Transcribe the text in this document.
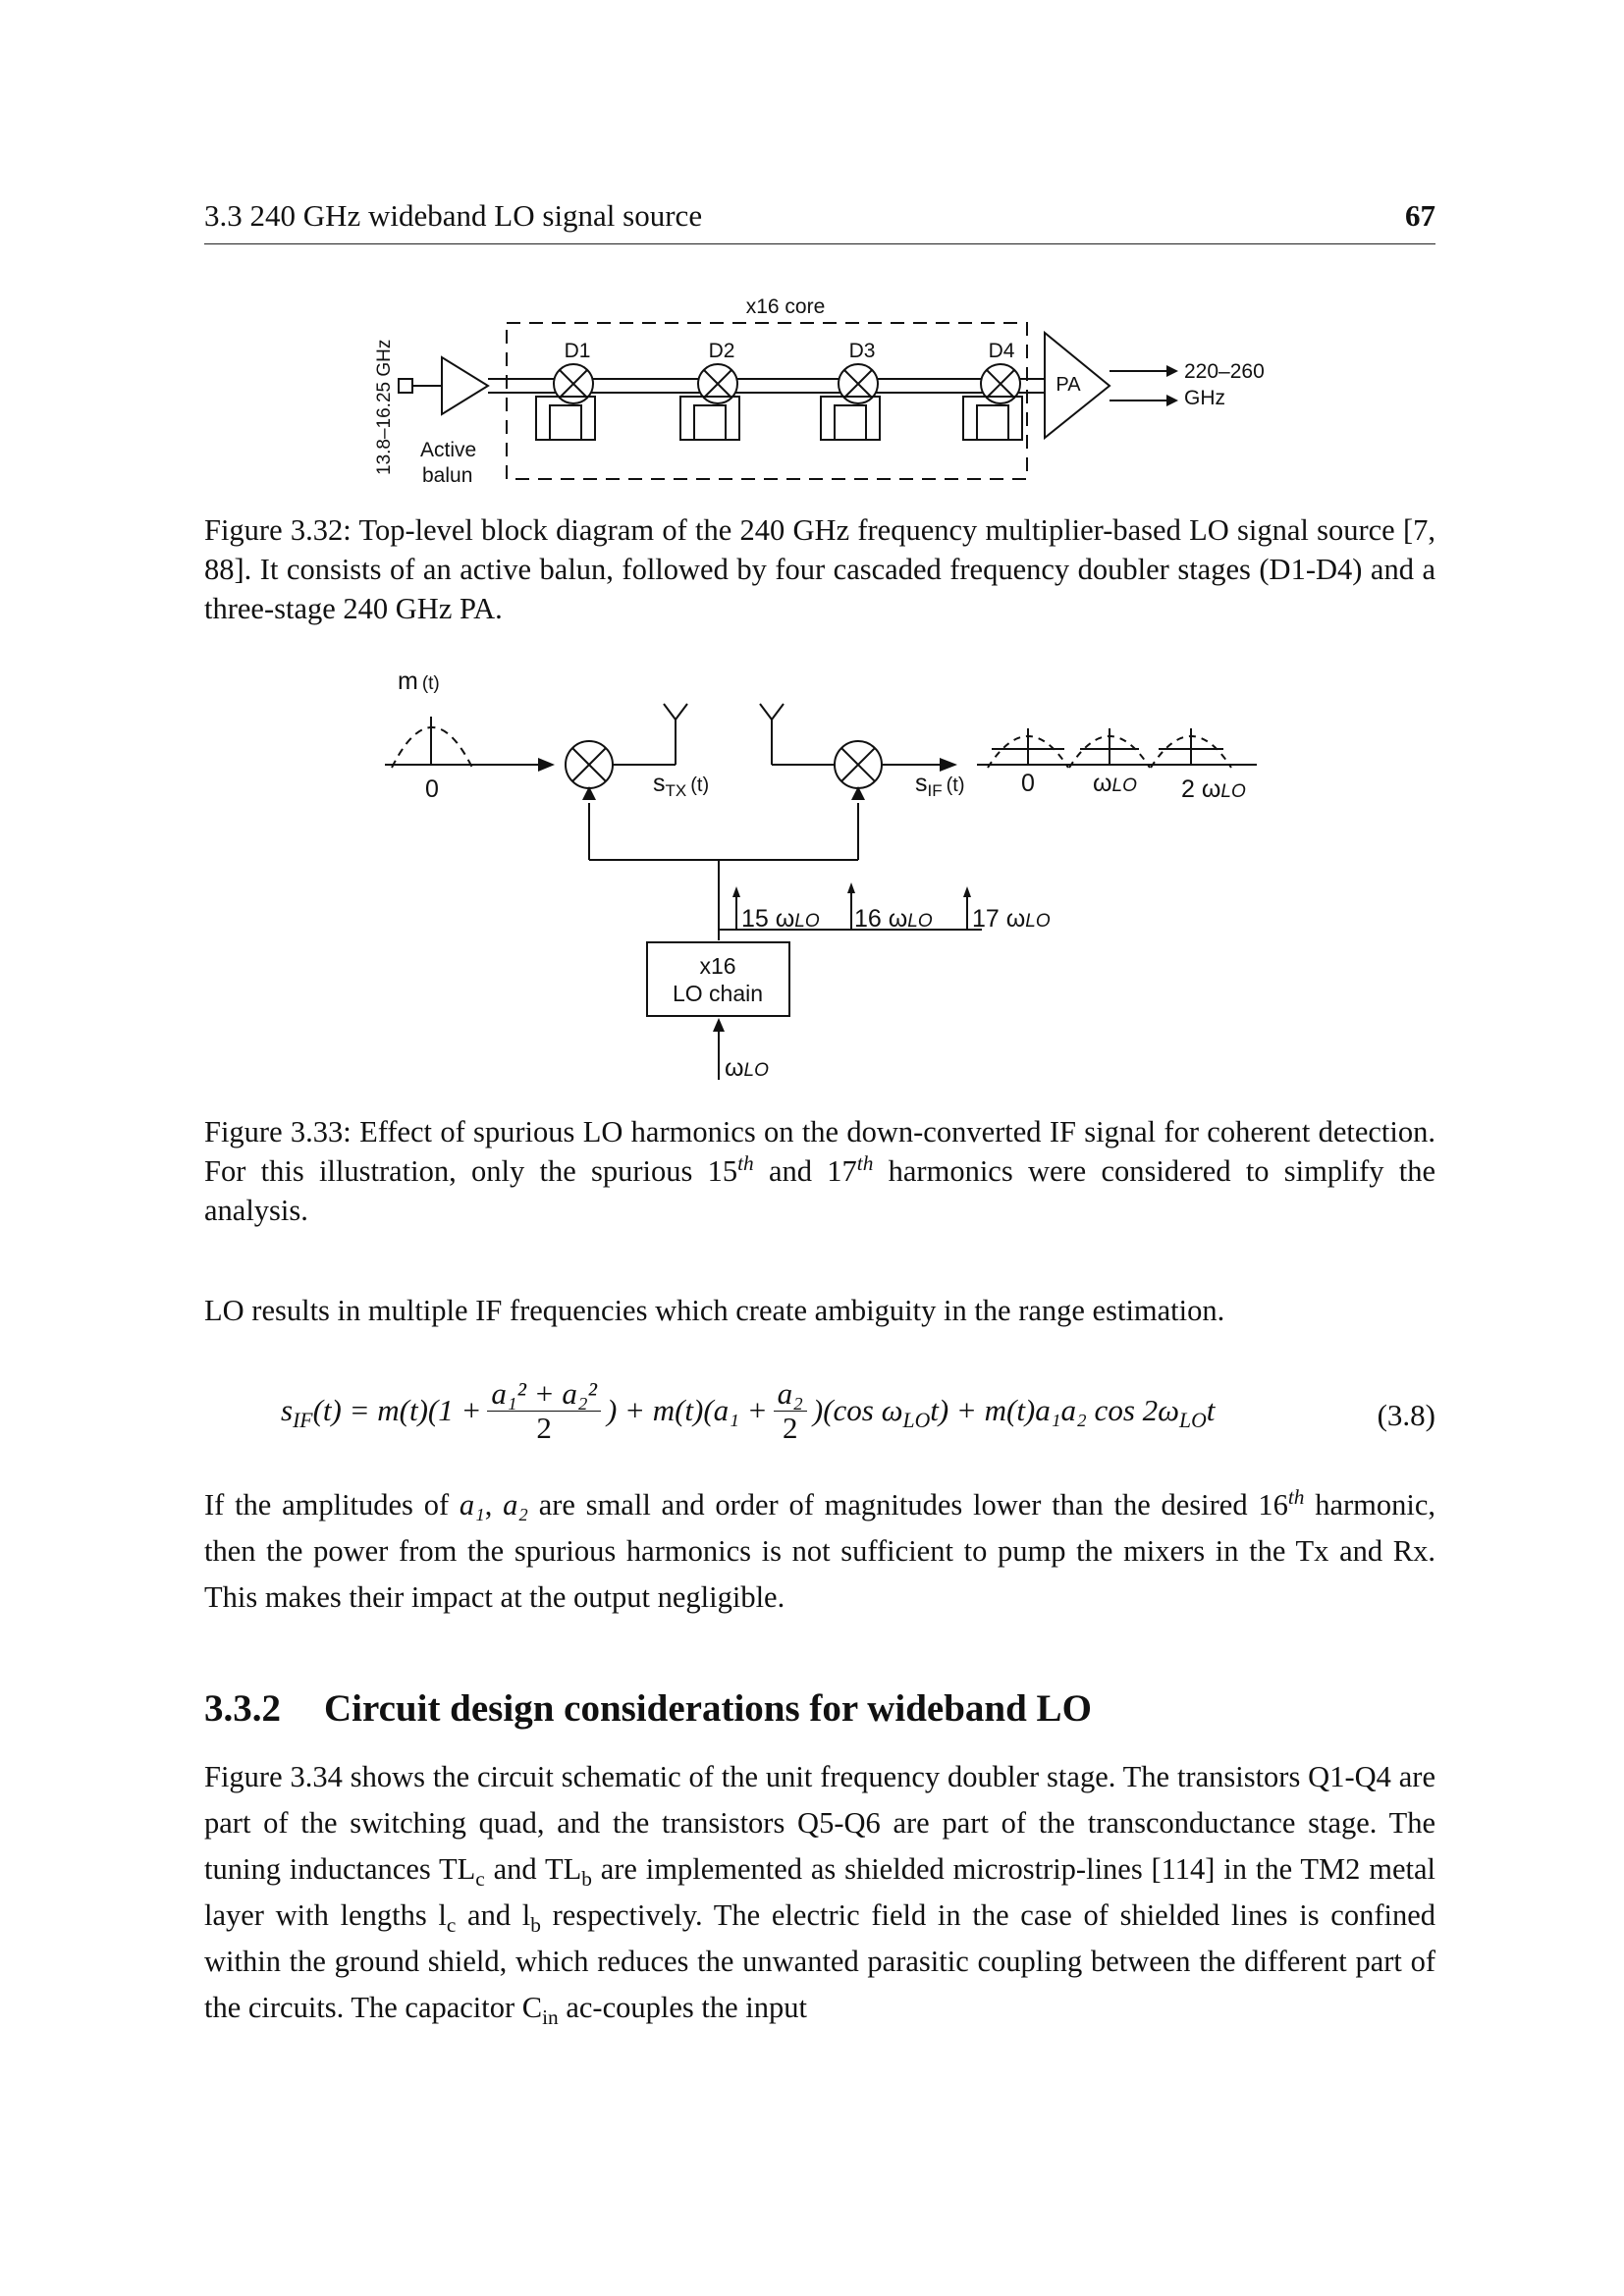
3.3 240 GHz wideband LO signal source	67
x16 core
13.8–16.25 GHz Active
balun
D1	D2	D3	D4
PA
220–260
GHz
Figure 3.32: Top-level block diagram of the 240 GHz frequency multiplier-based LO signal source [7, 88]. It consists of an active balun, followed by four cascaded frequency doubler stages (D1-D4) and a three-stage 240 GHz PA.
m (t)
0	$s_{TX}$ $^{(t)}$	$s_{IF}$ $^{(t)}$ 0 ωLO 2 ωLO
15 ωLO 16 ωLO 17 ωLO
x16
LO chain
ωLO
Figure 3.33: Effect of spurious LO harmonics on the down-converted IF signal for coherent detection. For this illustration, only the spurious 15th and 17th harmonics were considered to simplify the analysis.
LO results in multiple IF frequencies which create ambiguity in the range estimation.
$s_{IF}(t) = m(t)(1 + \frac{\text{a₁² + a₂²}}{2}$ ) + $m(t)(a_1 + \frac{\text{a₂}}{2} )(\cos$ $\omega_{LO}t) + m(t)a_1a_2$ $\cos 2\omega_{LO}t$	(3.8)
If the amplitudes of a₁, a₂ are small and order of magnitudes lower than the desired 16th harmonic, then the power from the spurious harmonics is not sufficient to pump the mixers in the Tx and Rx. This makes their impact at the output negligible.
3.3.2 Circuit design considerations for wideband LO
Figure 3.34 shows the circuit schematic of the unit frequency doubler stage. The transistors Q1-Q4 are part of the switching quad, and the transistors Q5-Q6 are part of the transconductance stage. The tuning inductances $TL_c$ and $TL_b$ are implemented as shielded microstrip-lines [114] in the TM2 metal layer with lengths $l_c$ and $l_b$ respectively. The electric field in the case of shielded lines is confined within the ground shield, which reduces the unwanted parasitic coupling between the different part of the circuits. The capacitor $C_{in}$ ac-couples the input
